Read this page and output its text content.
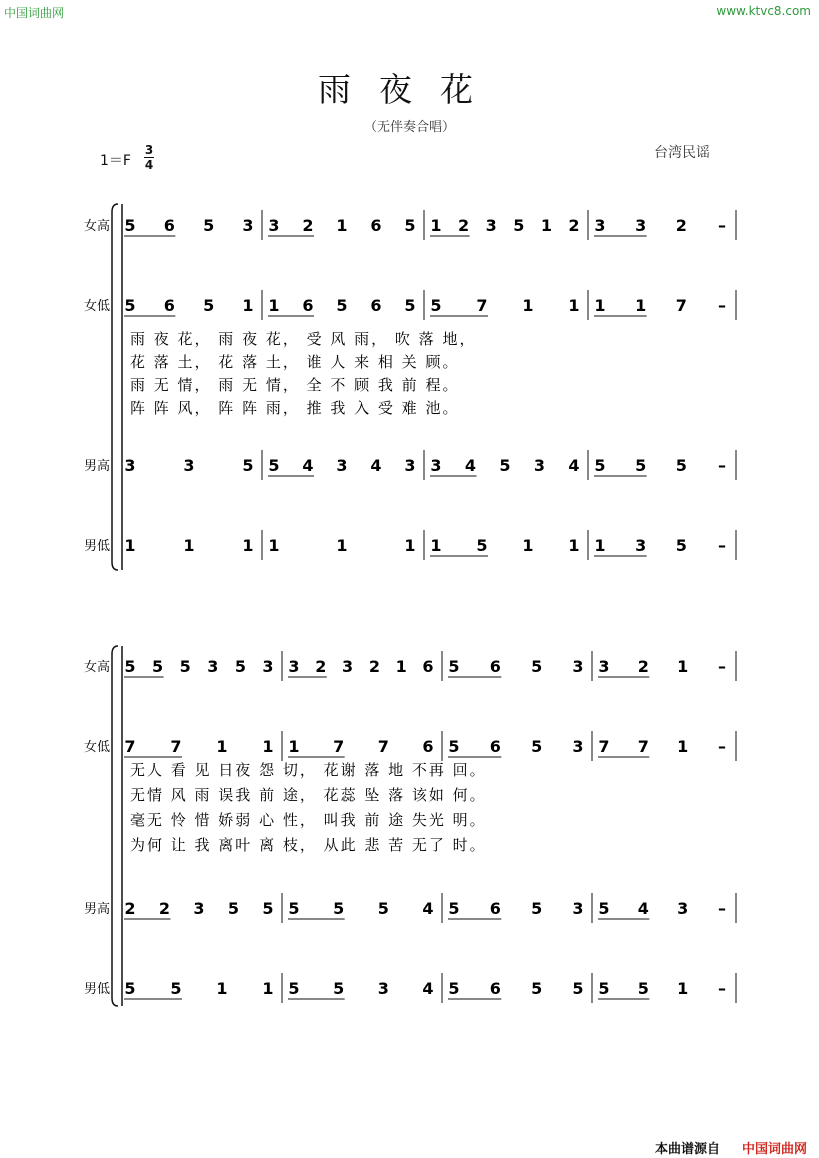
中国词曲网	www.ktvc8.com
雨夜花
（无伴奏合唱）
1＝F
3
4
台湾民谣
女高 5 6 5 3 3 2 1 6 5 1 2 3 5 1 2 3 3 2 –
女低 5 6 5 1 1 6 5 6 5 5 7 1 1 1 1 7 –
男高 3	3	5 5 4 3 4 3 3 4 5 3 4 5 5 5 –
男低 1	1	1 1	1	1 1 5 1 1 1 3 5 –
雨 夜 花， 雨 夜 花， 受 风 雨， 吹 落 地，
花 落 土， 花 落 土， 谁 人 来 相 关 顾。
雨 无 情， 雨 无 情， 全 不 顾 我 前 程。
阵 阵 风， 阵 阵 雨， 推 我 入 受 难 池。
女高 5 5 5 3 5 3 3 2 3 2 1 6 5 6 5 3 3 2 1 –
女低 7 7 1 1 1 7 7 6 5 6 5 3 7 7 1 –
男高 2 2 3 5 5 5 5 5 4 5 6 5 3 5 4 3 –
男低 5 5 1 1 5 5 3 4 5 6 5 5 5 5 1 –
无人 看 见 日夜 怨 切， 花谢 落 地 不再 回。
无情 风 雨 误我 前 途， 花蕊 坠 落 该如 何。
毫无 怜 惜 娇弱 心 性， 叫我 前 途 失光 明。
为何 让 我 离叶 离 枝， 从此 悲 苦 无了 时。
本曲谱源自 中国词曲网
